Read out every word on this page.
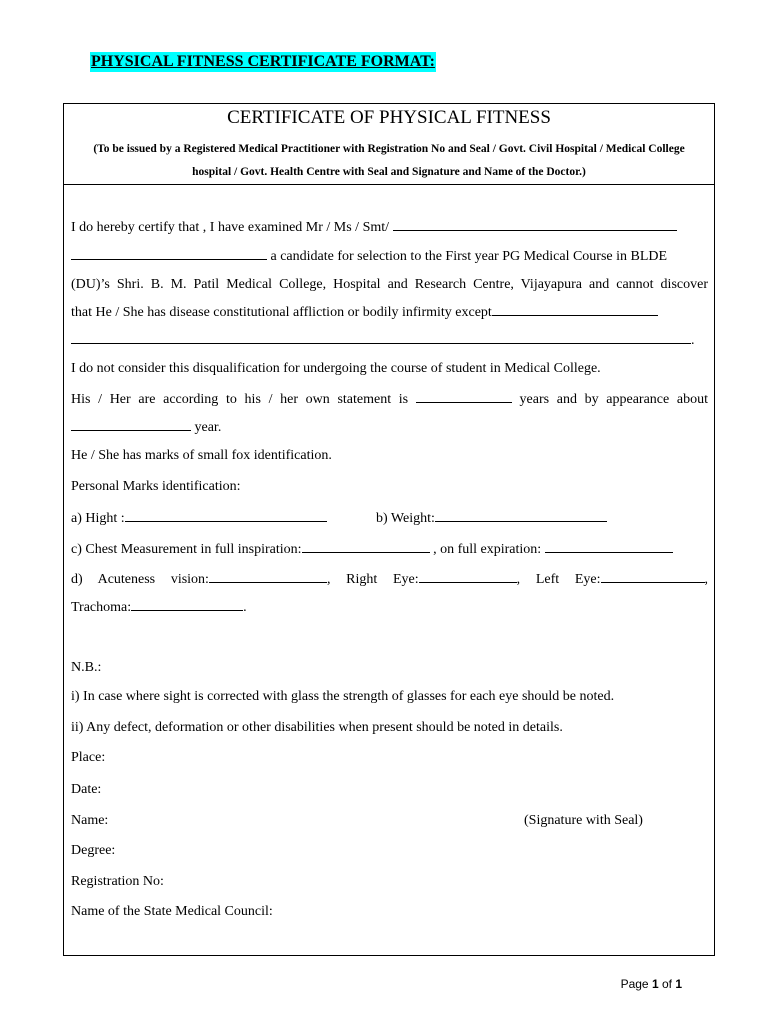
PHYSICAL FITNESS CERTIFICATE FORMAT:
CERTIFICATE OF PHYSICAL FITNESS
(To be issued by a Registered Medical Practitioner with Registration No and Seal / Govt. Civil Hospital / Medical College hospital / Govt. Health Centre with Seal and Signature and Name of the Doctor.)
I do hereby certify that , I have examined Mr / Ms / Smt/
a candidate for selection to the First year PG Medical Course in BLDE
(DU)’s Shri. B. M. Patil Medical College, Hospital and Research Centre, Vijayapura and cannot discover
that He / She has disease constitutional affliction or bodily infirmity except
.
I do not consider this disqualification for undergoing the course of student in Medical College.
His / Her are according to his / her own statement is	years and by appearance about
year.
He / She has marks of small fox identification.
Personal Marks identification:
a) Hight :	b) Weight:
c) Chest Measurement in full inspiration:	, on full expiration:
d) Acuteness vision:	, Right Eye:	, Left Eye:	,
Trachoma:	.
N.B.:
i) In case where sight is corrected with glass the strength of glasses for each eye should be noted.
ii) Any defect, deformation or other disabilities when present should be noted in details.
Place:
Date:
Name:	(Signature with Seal)
Degree:
Registration No:
Name of the State Medical Council:
Page 1 of 1
